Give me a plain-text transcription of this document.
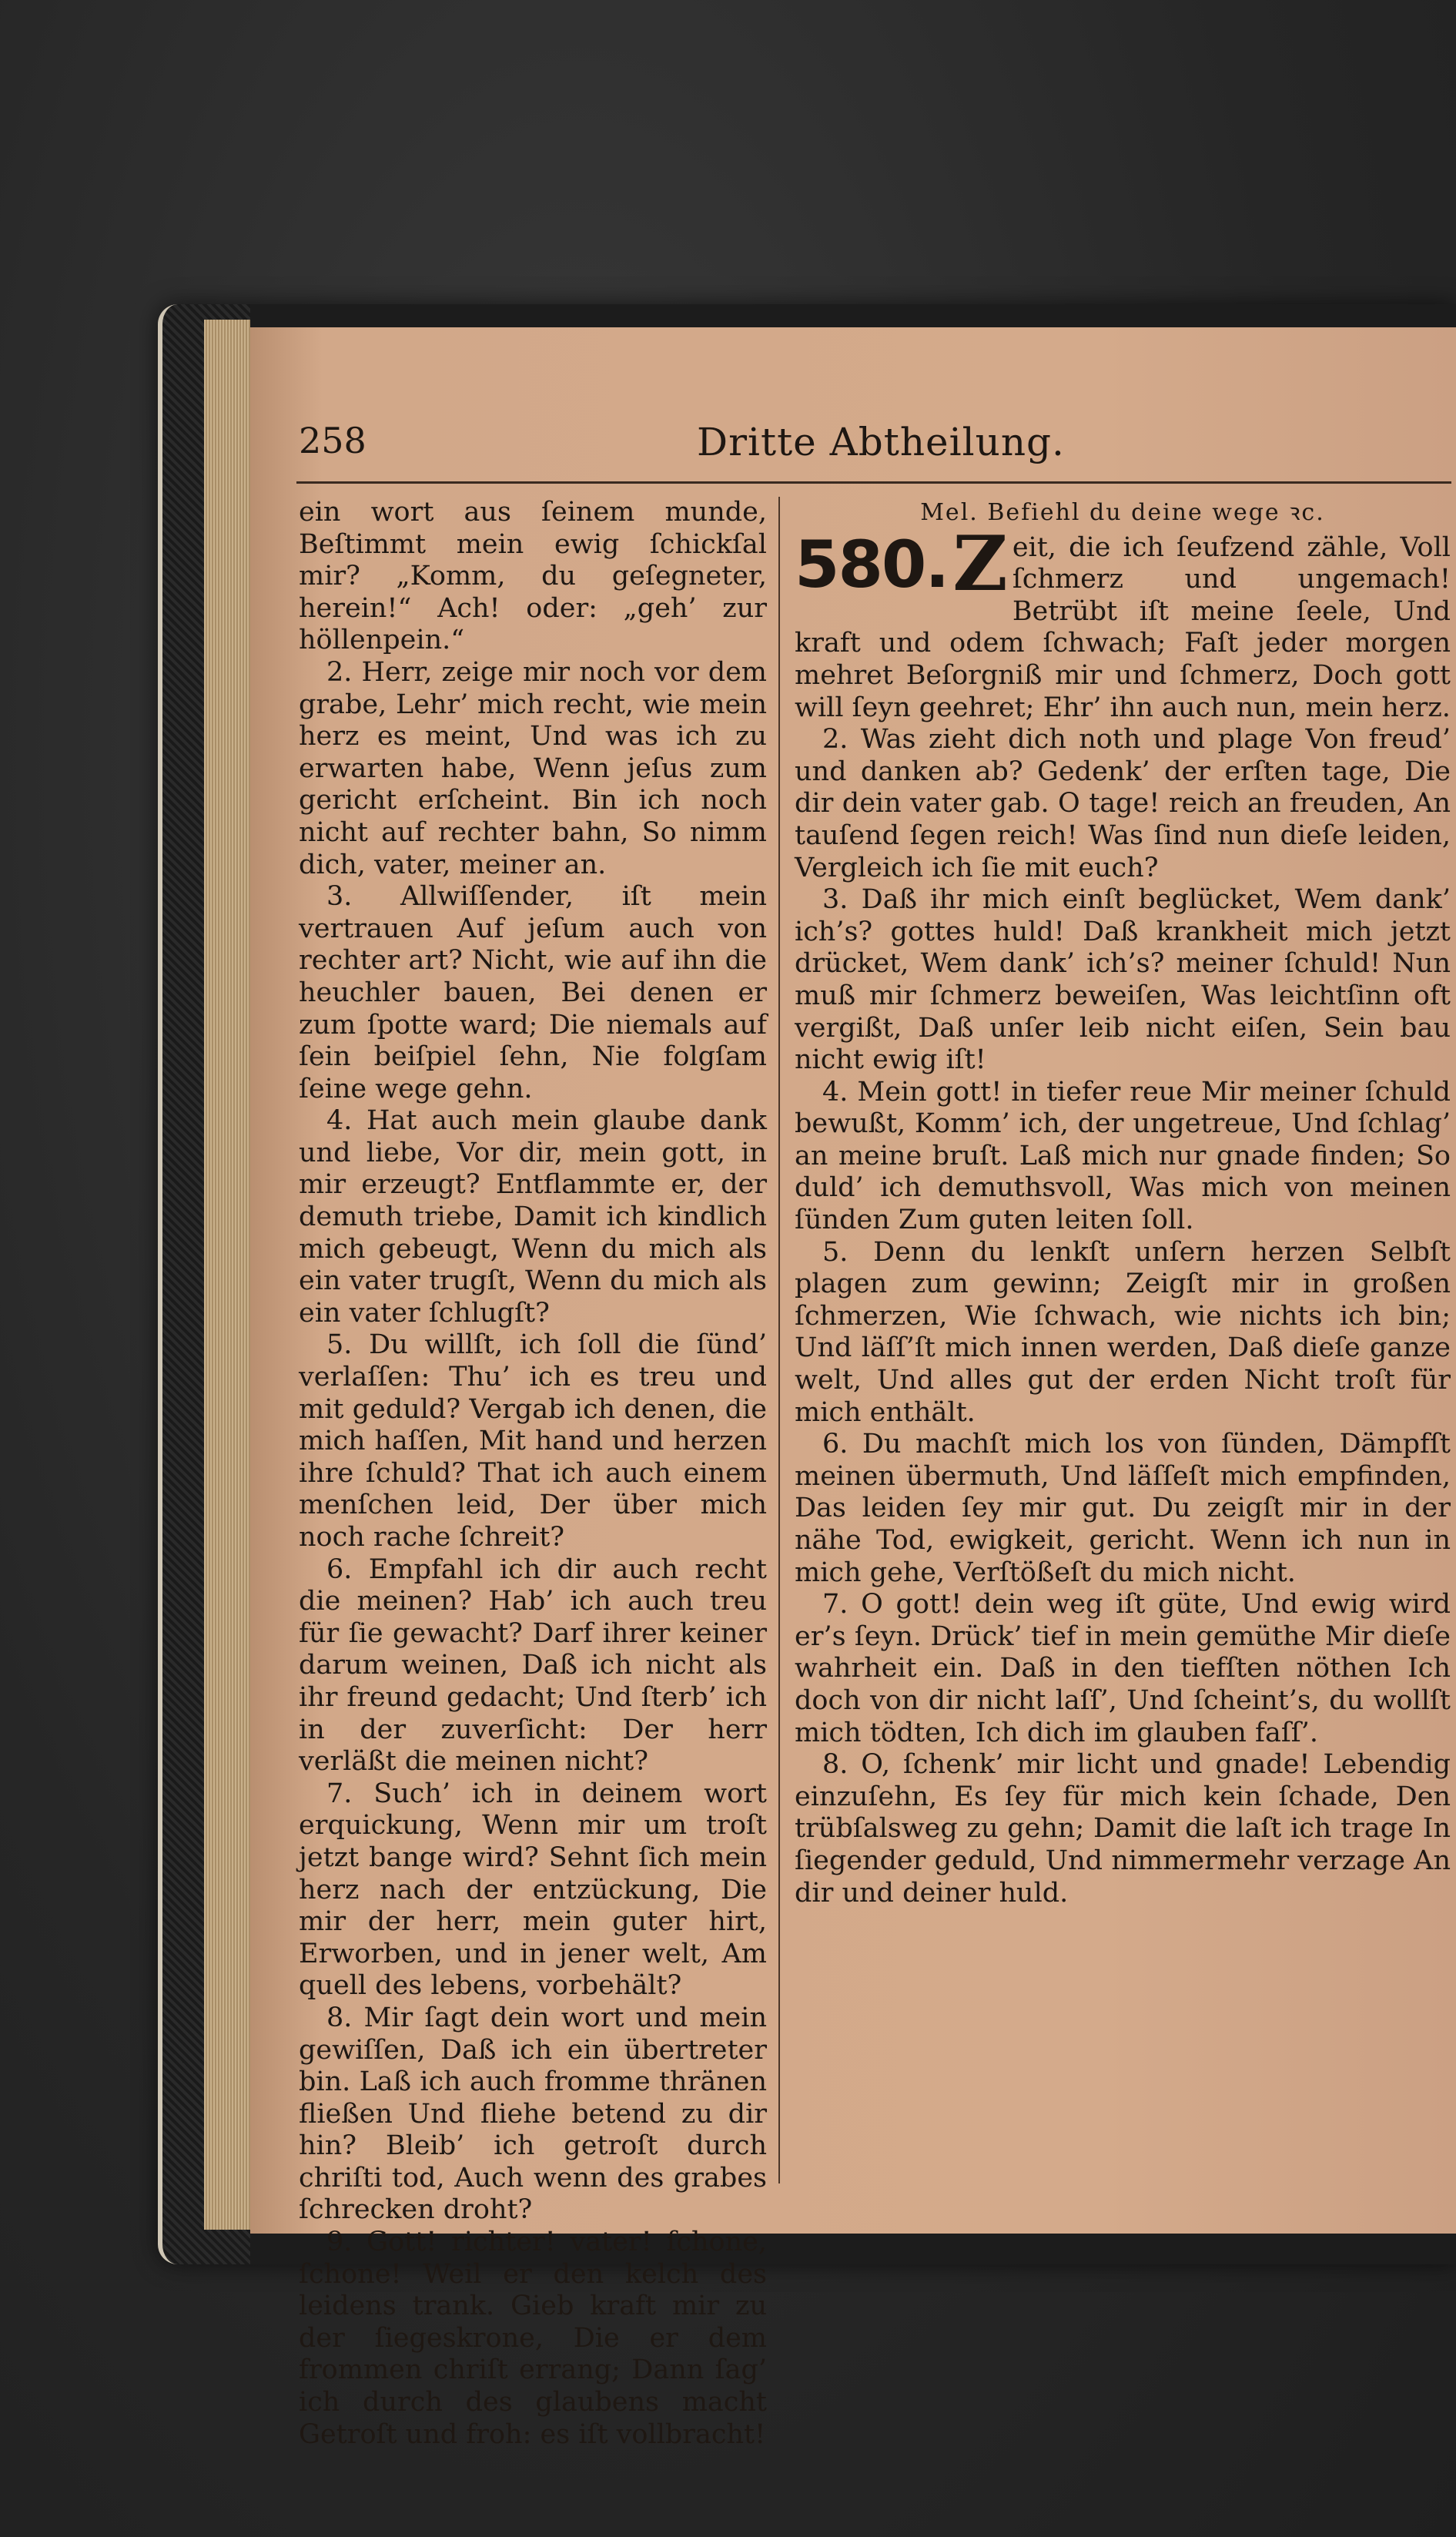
258	Dritte Abtheilung.

ein wort aus ſeinem munde, Beſtimmt mein ewig ſchickſal mir? „Komm, du geſegneter, herein!“ Ach! oder: „geh’ zur höllenpein.“

2. Herr, zeige mir noch vor dem grabe, Lehr’ mich recht, wie mein herz es meint, Und was ich zu erwarten habe, Wenn jeſus zum gericht erſcheint. Bin ich noch nicht auf rechter bahn, So nimm dich, vater, meiner an.

3. Allwiſſender, iſt mein vertrauen Auf jeſum auch von rechter art? Nicht, wie auf ihn die heuchler bauen, Bei denen er zum ſpotte ward; Die niemals auf ſein beiſpiel ſehn, Nie folgſam ſeine wege gehn.

4. Hat auch mein glaube dank und liebe, Vor dir, mein gott, in mir erzeugt? Entflammte er, der demuth triebe, Damit ich kindlich mich gebeugt, Wenn du mich als ein vater trugſt, Wenn du mich als ein vater ſchlugſt?

5. Du willſt, ich ſoll die ſünd’ verlaſſen: Thu’ ich es treu und mit geduld? Vergab ich denen, die mich haſſen, Mit hand und herzen ihre ſchuld? That ich auch einem menſchen leid, Der über mich noch rache ſchreit?

6. Empfahl ich dir auch recht die meinen? Hab’ ich auch treu für ſie gewacht? Darf ihrer keiner darum weinen, Daß ich nicht als ihr freund gedacht; Und ſterb’ ich in der zuverſicht: Der herr verläßt die meinen nicht?

7. Such’ ich in deinem wort erquickung, Wenn mir um troſt jetzt bange wird? Sehnt ſich mein herz nach der entzückung, Die mir der herr, mein guter hirt, Erworben, und in jener welt, Am quell des lebens, vorbehält?

8. Mir ſagt dein wort und mein gewiſſen, Daß ich ein übertreter bin. Laß ich auch fromme thränen fließen Und fliehe betend zu dir hin? Bleib’ ich getroſt durch chriſti tod, Auch wenn des grabes ſchrecken droht?

9. Gott! richter! vater! ſchone, ſchone! Weil er den kelch des leidens trank. Gieb kraft mir zu der ſiegeskrone, Die er dem frommen chriſt errang; Dann ſag’ ich durch des glaubens macht Getroſt und froh: es iſt vollbracht!

Mel. Befiehl du deine wege ꝛc.
580. Z eit, die ich ſeufzend zähle, Voll ſchmerz und ungemach! Betrübt iſt meine ſeele, Und kraft und odem ſchwach; Faſt jeder morgen mehret Beſorgniß mir und ſchmerz, Doch gott will ſeyn geehret; Ehr’ ihn auch nun, mein herz.

2. Was zieht dich noth und plage Von freud’ und danken ab? Gedenk’ der erſten tage, Die dir dein vater gab. O tage! reich an freuden, An tauſend ſegen reich! Was ſind nun dieſe leiden, Vergleich ich ſie mit euch?

3. Daß ihr mich einſt beglücket, Wem dank’ ich’s? gottes huld! Daß krankheit mich jetzt drücket, Wem dank’ ich’s? meiner ſchuld! Nun muß mir ſchmerz beweiſen, Was leichtſinn oft vergißt, Daß unſer leib nicht eiſen, Sein bau nicht ewig iſt!

4. Mein gott! in tiefer reue Mir meiner ſchuld bewußt, Komm’ ich, der ungetreue, Und ſchlag’ an meine bruſt. Laß mich nur gnade finden; So duld’ ich demuthsvoll, Was mich von meinen ſünden Zum guten leiten ſoll.

5. Denn du lenkſt unſern herzen Selbſt plagen zum gewinn; Zeigſt mir in großen ſchmerzen, Wie ſchwach, wie nichts ich bin; Und läſſ’ſt mich innen werden, Daß dieſe ganze welt, Und alles gut der erden Nicht troſt für mich enthält.

6. Du machſt mich los von ſünden, Dämpfſt meinen übermuth, Und läſſeſt mich empfinden, Das leiden ſey mir gut. Du zeigſt mir in der nähe Tod, ewigkeit, gericht. Wenn ich nun in mich gehe, Verſtößeſt du mich nicht.

7. O gott! dein weg iſt güte, Und ewig wird er’s ſeyn. Drück’ tief in mein gemüthe Mir dieſe wahrheit ein. Daß in den tiefſten nöthen Ich doch von dir nicht laſſ’, Und ſcheint’s, du wollſt mich tödten, Ich dich im glauben faſſ’.

8. O, ſchenk’ mir licht und gnade! Lebendig einzuſehn, Es ſey für mich kein ſchade, Den trübſalsweg zu gehn; Damit die laſt ich trage In ſiegender geduld, Und nimmermehr verzage An dir und deiner huld.
